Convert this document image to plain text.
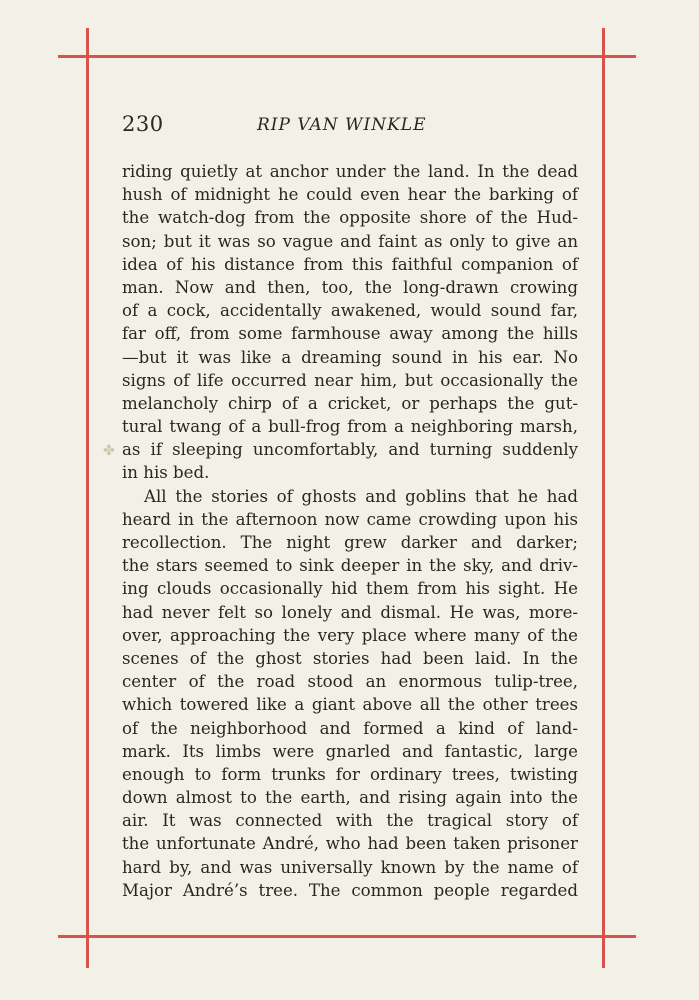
✤
230	RIP VAN WINKLE
riding quietly at anchor under the land. In the dead
hush of midnight he could even hear the barking of
the watch-dog from the opposite shore of the Hud-
son; but it was so vague and faint as only to give an
idea of his distance from this faithful companion of
man. Now and then, too, the long-drawn crowing
of a cock, accidentally awakened, would sound far,
far off, from some farmhouse away among the hills
—but it was like a dreaming sound in his ear. No
signs of life occurred near him, but occasionally the
melancholy chirp of a cricket, or perhaps the gut-
tural twang of a bull-frog from a neighboring marsh,
as if sleeping uncomfortably, and turning suddenly
in his bed.
All the stories of ghosts and goblins that he had
heard in the afternoon now came crowding upon his
recollection. The night grew darker and darker;
the stars seemed to sink deeper in the sky, and driv-
ing clouds occasionally hid them from his sight. He
had never felt so lonely and dismal. He was, more-
over, approaching the very place where many of the
scenes of the ghost stories had been laid. In the
center of the road stood an enormous tulip-tree,
which towered like a giant above all the other trees
of the neighborhood and formed a kind of land-
mark. Its limbs were gnarled and fantastic, large
enough to form trunks for ordinary trees, twisting
down almost to the earth, and rising again into the
air. It was connected with the tragical story of
the unfortunate André, who had been taken prisoner
hard by, and was universally known by the name of
Major André’s tree. The common people regarded
